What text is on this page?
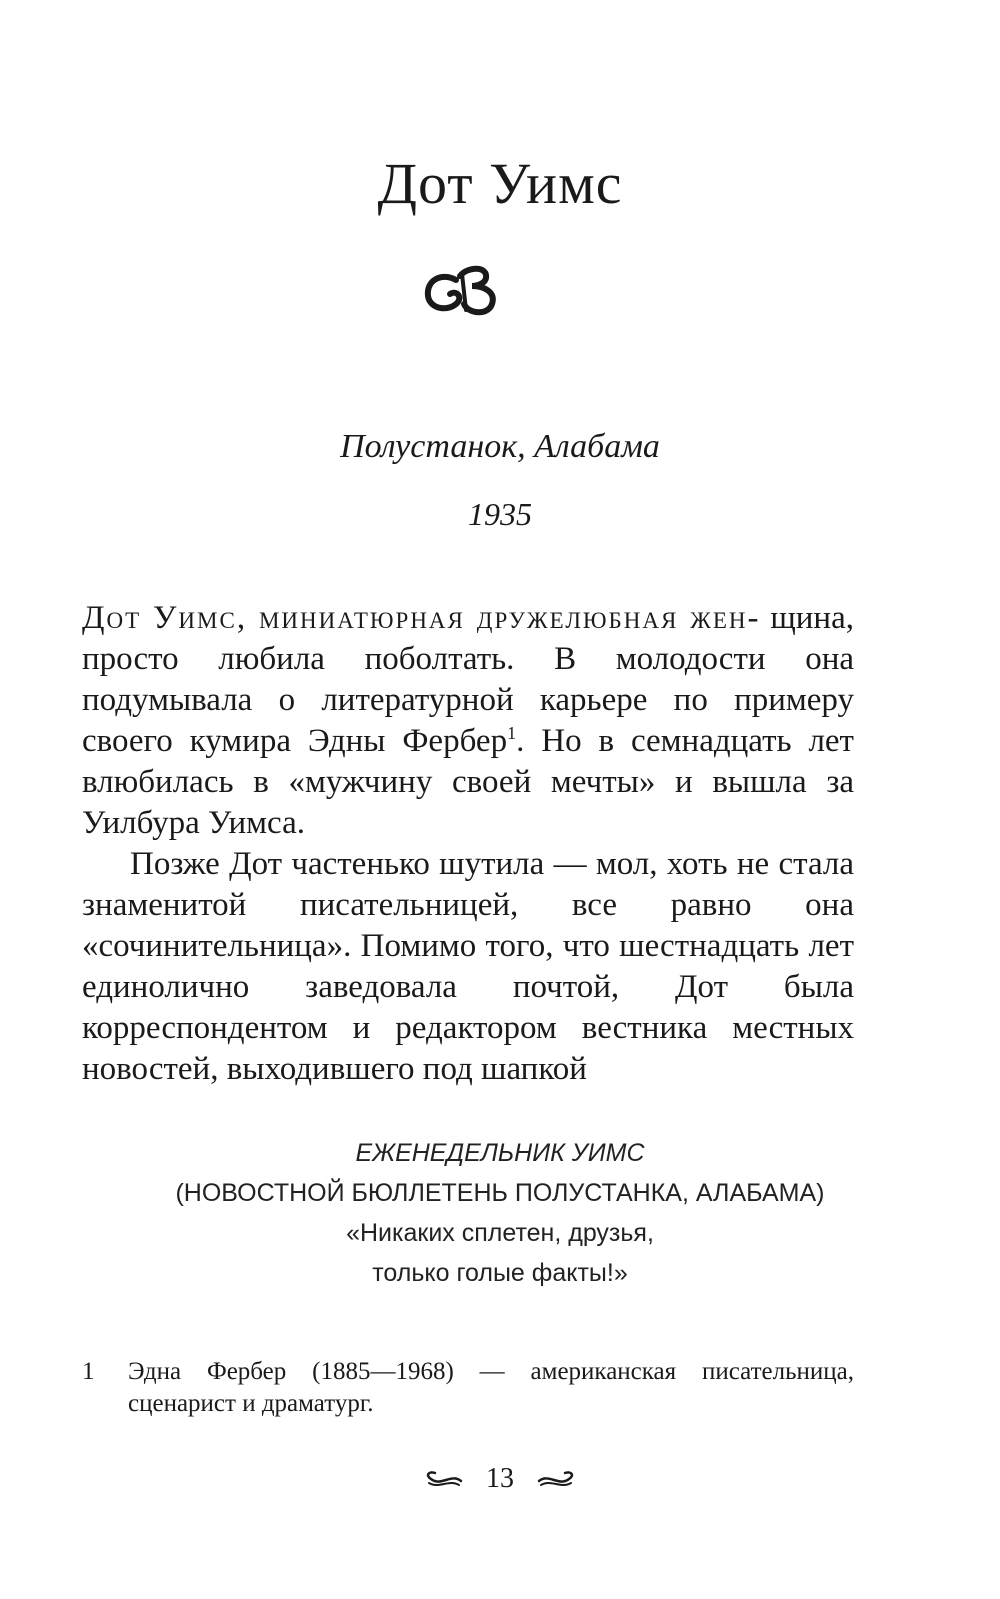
Дот Уимс
Полустанок, Алабама
1935

Дот Уимс, миниатюрная дружелюбная жен- щина, просто любила поболтать. В молодости она подумывала о литературной карьере по примеру своего кумира Эдны Фербер$^1$. Но в семнадцать лет влюбилась в «мужчину своей мечты» и вышла за Уилбура Уимса.

Позже Дот частенько шутила — мол, хоть не стала знаменитой писательницей, все равно она «сочинительница». Помимо того, что шестнадцать лет единолично заведовала почтой, Дот была корреспондентом и редактором вестника местных новостей, выходившего под шапкой

ЕЖЕНЕДЕЛЬНИК УИМС
(НОВОСТНОЙ БЮЛЛЕТЕНЬ ПОЛУСТАНКА, АЛАБАМА)
«Никаких сплетен, друзья,
только голые факты!»
1 Эдна Фербер (1885—1968) — американская писательница, сценарист и драматург.
13
